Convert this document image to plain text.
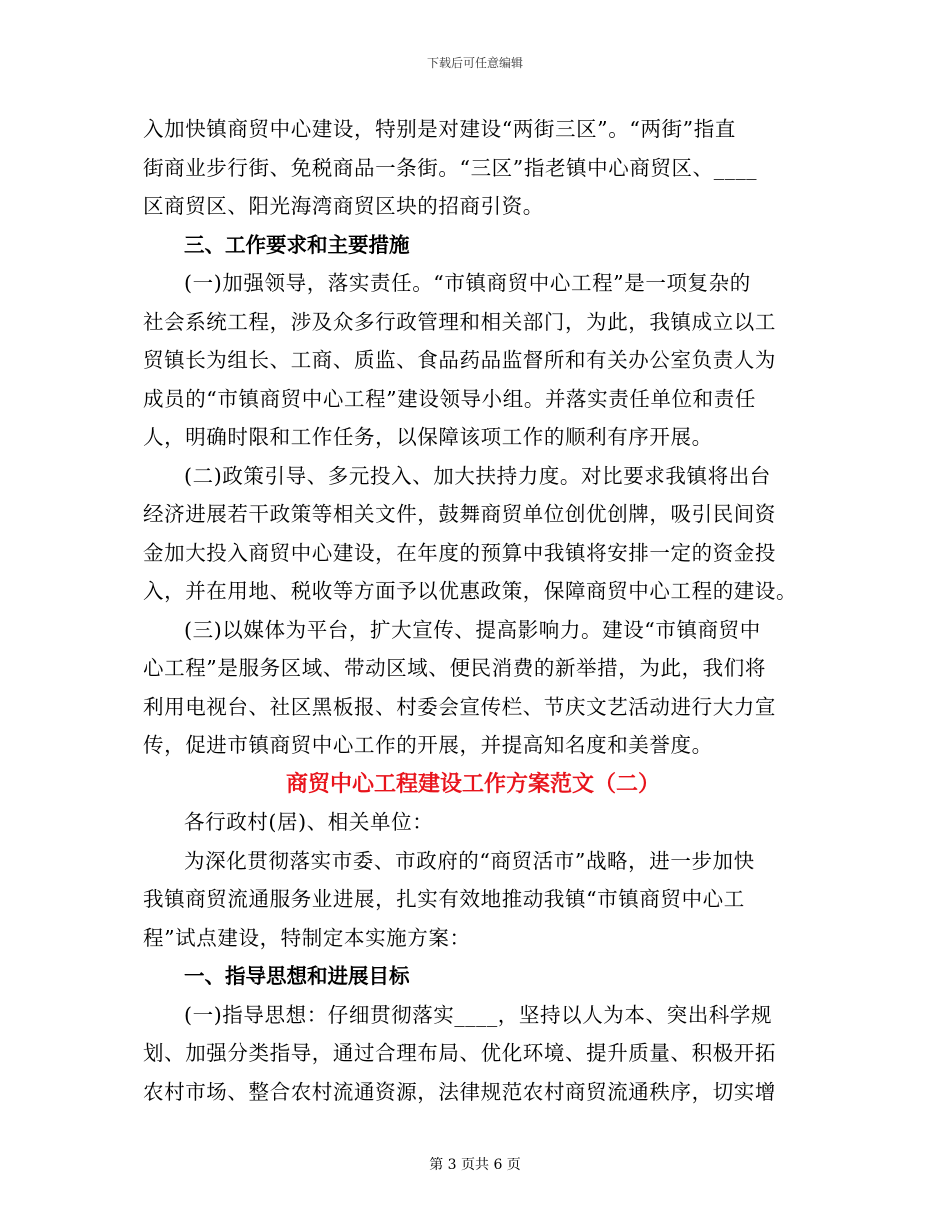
下载后可任意编辑
入加快镇商贸中心建设，特别是对建设“两街三区”。“两街”指直
街商业步行街、免税商品一条街。“三区”指老镇中心商贸区、____
区商贸区、阳光海湾商贸区块的招商引资。
三、工作要求和主要措施
(一)加强领导，落实责任。“市镇商贸中心工程”是一项复杂的
社会系统工程，涉及众多行政管理和相关部门，为此，我镇成立以工
贸镇长为组长、工商、质监、食品药品监督所和有关办公室负责人为
成员的“市镇商贸中心工程”建设领导小组。并落实责任单位和责任
人，明确时限和工作任务，以保障该项工作的顺利有序开展。
(二)政策引导、多元投入、加大扶持力度。对比要求我镇将出台
经济进展若干政策等相关文件，鼓舞商贸单位创优创牌，吸引民间资
金加大投入商贸中心建设，在年度的预算中我镇将安排一定的资金投
入，并在用地、税收等方面予以优惠政策，保障商贸中心工程的建设。
(三)以媒体为平台，扩大宣传、提高影响力。建设“市镇商贸中
心工程”是服务区域、带动区域、便民消费的新举措，为此，我们将
利用电视台、社区黑板报、村委会宣传栏、节庆文艺活动进行大力宣
传，促进市镇商贸中心工作的开展，并提高知名度和美誉度。
商贸中心工程建设工作方案范文（二）
各行政村(居)、相关单位：
为深化贯彻落实市委、市政府的“商贸活市”战略，进一步加快
我镇商贸流通服务业进展，扎实有效地推动我镇“市镇商贸中心工
程”试点建设，特制定本实施方案：
一、指导思想和进展目标
(一)指导思想：仔细贯彻落实____，坚持以人为本、突出科学规
划、加强分类指导，通过合理布局、优化环境、提升质量、积极开拓
农村市场、整合农村流通资源，法律规范农村商贸流通秩序，切实增
第 3 页共 6 页
